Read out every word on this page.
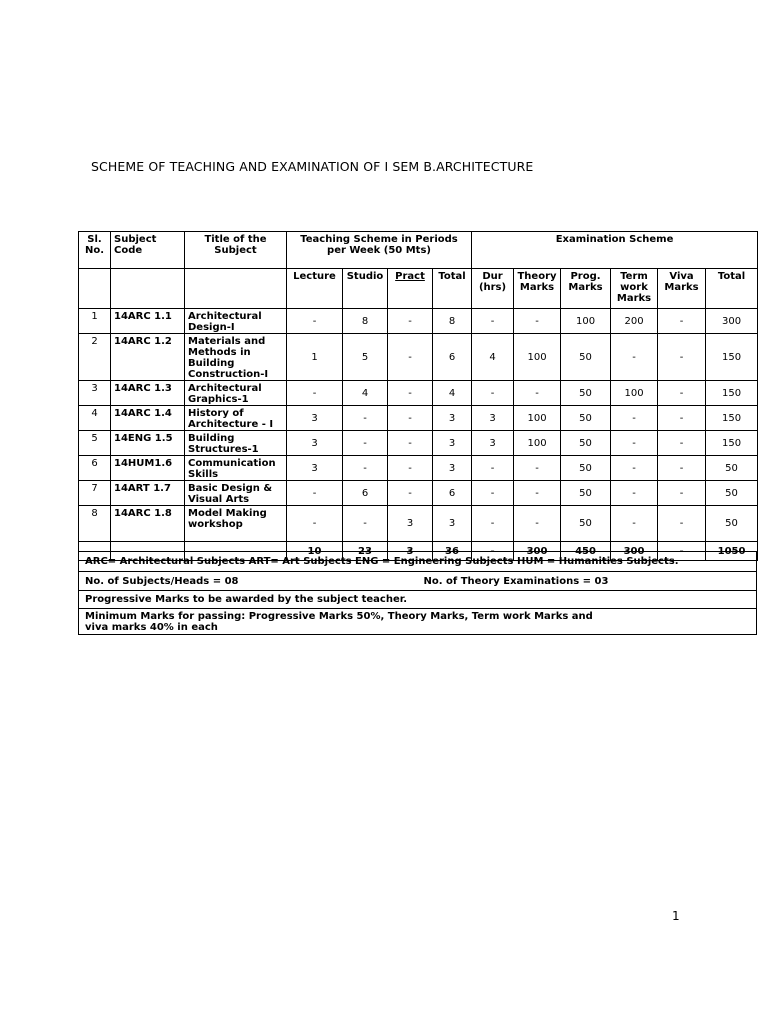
SCHEME OF TEACHING AND EXAMINATION OF I SEM B.ARCHITECTURE
Sl. No.	Subject Code	Title of the Subject	Teaching Scheme in Periods per Week (50 Mts)				Examination Scheme					
			Lecture	Studio	Pract	Total	Dur (hrs)	Theory Marks	Prog. Marks	Term work Marks	Viva Marks	Total
1	14ARC 1.1	Architectural Design-I	-	8	-	8	-	-	100	200	-	300
2	14ARC 1.2	Materials and Methods in Building Construction-I	1	5	-	6	4	100	50	-	-	150
3	14ARC 1.3	Architectural Graphics-1	-	4	-	4	-	-	50	100	-	150
4	14ARC 1.4	History of Architecture - I	3	-	-	3	3	100	50	-	-	150
5	14ENG 1.5	Building Structures-1	3	-	-	3	3	100	50	-	-	150
6	14HUM1.6	Communication Skills	3	-	-	3	-	-	50	-	-	50
7	14ART 1.7	Basic Design & Visual Arts	-	6	-	6	-	-	50	-	-	50
8	14ARC 1.8	Model Making workshop	-	-	3	3	-	-	50	-	-	50
			10	23	3	36	-	300	450	300	-	1050
ARC= Architectural Subjects ART= Art Subjects ENG = Engineering Subjects HUM = Humanities Subjects.
No. of Subjects/Heads = 08	No. of Theory Examinations = 03
Progressive Marks to be awarded by the subject teacher.
Minimum Marks for passing: Progressive Marks 50%, Theory Marks, Term work Marks and viva marks 40% in each
1
